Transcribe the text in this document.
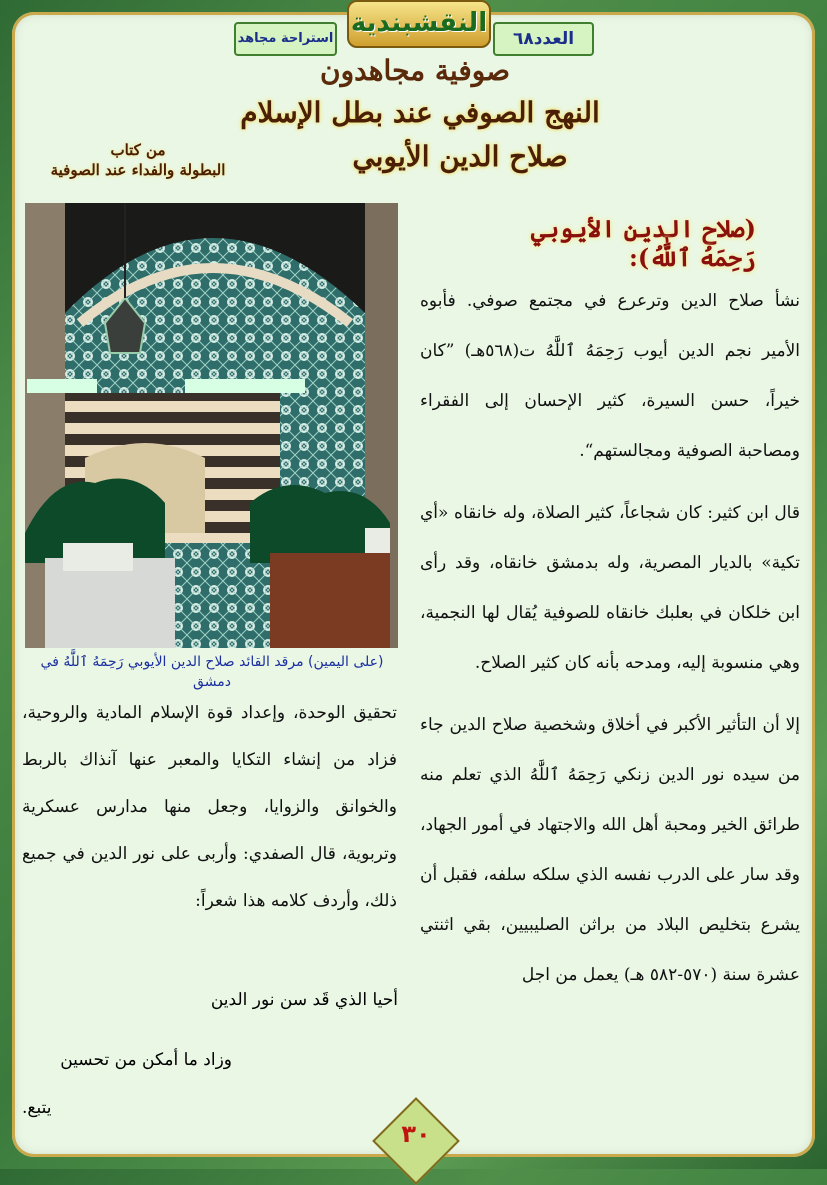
النقشبندية
العدد٦٨
استراحة مجاهد
صوفية مجاهدون
النهج الصوفي عند بطل الإسلام
صلاح الدين الأيوبي
من كتاب
البطولة والفداء عند الصوفية
(على اليمين) مرقد القائد صلاح الدين الأيوبي رَحِمَهُ ٱللَّٰهُ في دمشق
(صلاح الدين الأيوبي رَحِمَهُ ٱللَّٰهُ):

نشأ صلاح الدين وترعرع في مجتمع صوفي. فأبوه الأمير نجم الدين أيوب رَحِمَهُ ٱللَّٰهُ ت(٥٦٨هـ) ”كان خيراً، حسن السيرة، كثير الإحسان إلى الفقراء ومصاحبة الصوفية ومجالستهم“.

قال ابن كثير: كان شجاعاً، كثير الصلاة، وله خانقاه «أي تكية» بالديار المصرية، وله بدمشق خانقاه، وقد رأى ابن خلكان في بعلبك خانقاه للصوفية يُقال لها النجمية، وهي منسوبة إليه، ومدحه بأنه كان كثير الصلاح.

إلا أن التأثير الأكبر في أخلاق وشخصية صلاح الدين جاء من سيده نور الدين زنكي رَحِمَهُ ٱللَّٰهُ الذي تعلم منه طرائق الخير ومحبة أهل الله والاجتهاد في أمور الجهاد، وقد سار على الدرب نفسه الذي سلكه سلفه، فقبل أن يشرع بتخليص البلاد من براثن الصليبيين، بقي اثنتي عشرة سنة (٥٧٠-٥٨٢ هـ) يعمل من اجل

تحقيق الوحدة، وإعداد قوة الإسلام المادية والروحية، فزاد من إنشاء التكايا والمعبر عنها آنذاك بالربط والخوانق والزوايا، وجعل منها مدارس عسكرية وتربوية، قال الصفدي: وأربى على نور الدين في جميع ذلك، وأردف كلامه هذا شعراً:

أحيا الذي قَد سن نور الدين
وزاد ما أمكن من تحسين
يتبع.
٣٠
